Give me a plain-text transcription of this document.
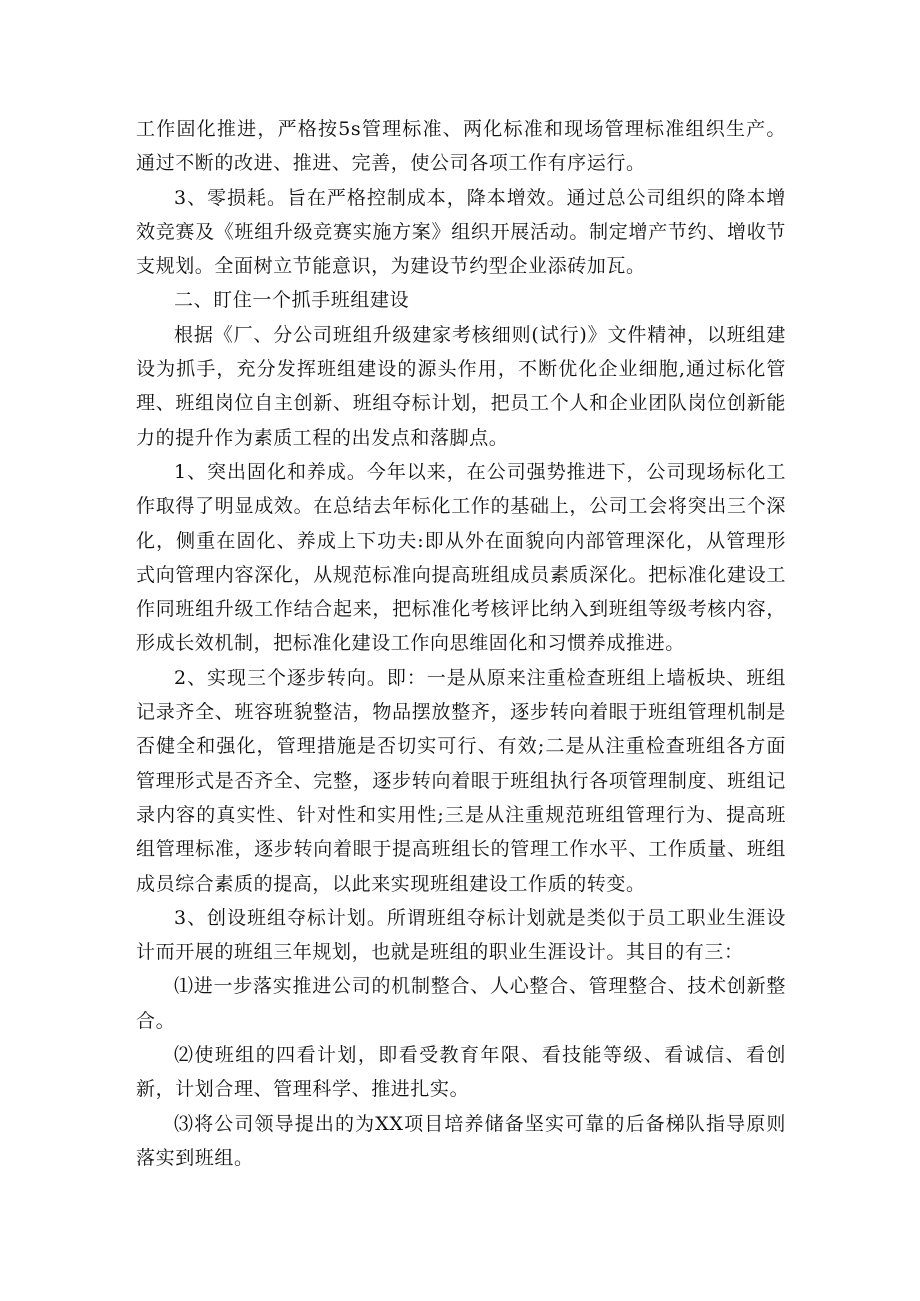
工作固化推进，严格按5s管理标准、两化标准和现场管理标准组织生产。通过不断的改进、推进、完善，使公司各项工作有序运行。

3、零损耗。旨在严格控制成本，降本增效。通过总公司组织的降本增效竞赛及《班组升级竞赛实施方案》组织开展活动。制定增产节约、增收节支规划。全面树立节能意识，为建设节约型企业添砖加瓦。

二、盯住一个抓手班组建设

根据《厂、分公司班组升级建家考核细则(试行)》文件精神，以班组建设为抓手，充分发挥班组建设的源头作用，不断优化企业细胞,通过标化管理、班组岗位自主创新、班组夺标计划，把员工个人和企业团队岗位创新能力的提升作为素质工程的出发点和落脚点。

1、突出固化和养成。今年以来，在公司强势推进下，公司现场标化工作取得了明显成效。在总结去年标化工作的基础上，公司工会将突出三个深化，侧重在固化、养成上下功夫:即从外在面貌向内部管理深化，从管理形式向管理内容深化，从规范标准向提高班组成员素质深化。把标准化建设工作同班组升级工作结合起来，把标准化考核评比纳入到班组等级考核内容，形成长效机制，把标准化建设工作向思维固化和习惯养成推进。

2、实现三个逐步转向。即：一是从原来注重检查班组上墙板块、班组记录齐全、班容班貌整洁，物品摆放整齐，逐步转向着眼于班组管理机制是否健全和强化，管理措施是否切实可行、有效;二是从注重检查班组各方面管理形式是否齐全、完整，逐步转向着眼于班组执行各项管理制度、班组记录内容的真实性、针对性和实用性;三是从注重规范班组管理行为、提高班组管理标准，逐步转向着眼于提高班组长的管理工作水平、工作质量、班组成员综合素质的提高，以此来实现班组建设工作质的转变。

3、创设班组夺标计划。所谓班组夺标计划就是类似于员工职业生涯设计而开展的班组三年规划，也就是班组的职业生涯设计。其目的有三：

⑴进一步落实推进公司的机制整合、人心整合、管理整合、技术创新整合。

⑵使班组的四看计划，即看受教育年限、看技能等级、看诚信、看创新，计划合理、管理科学、推进扎实。

⑶将公司领导提出的为XX项目培养储备坚实可靠的后备梯队指导原则落实到班组。
